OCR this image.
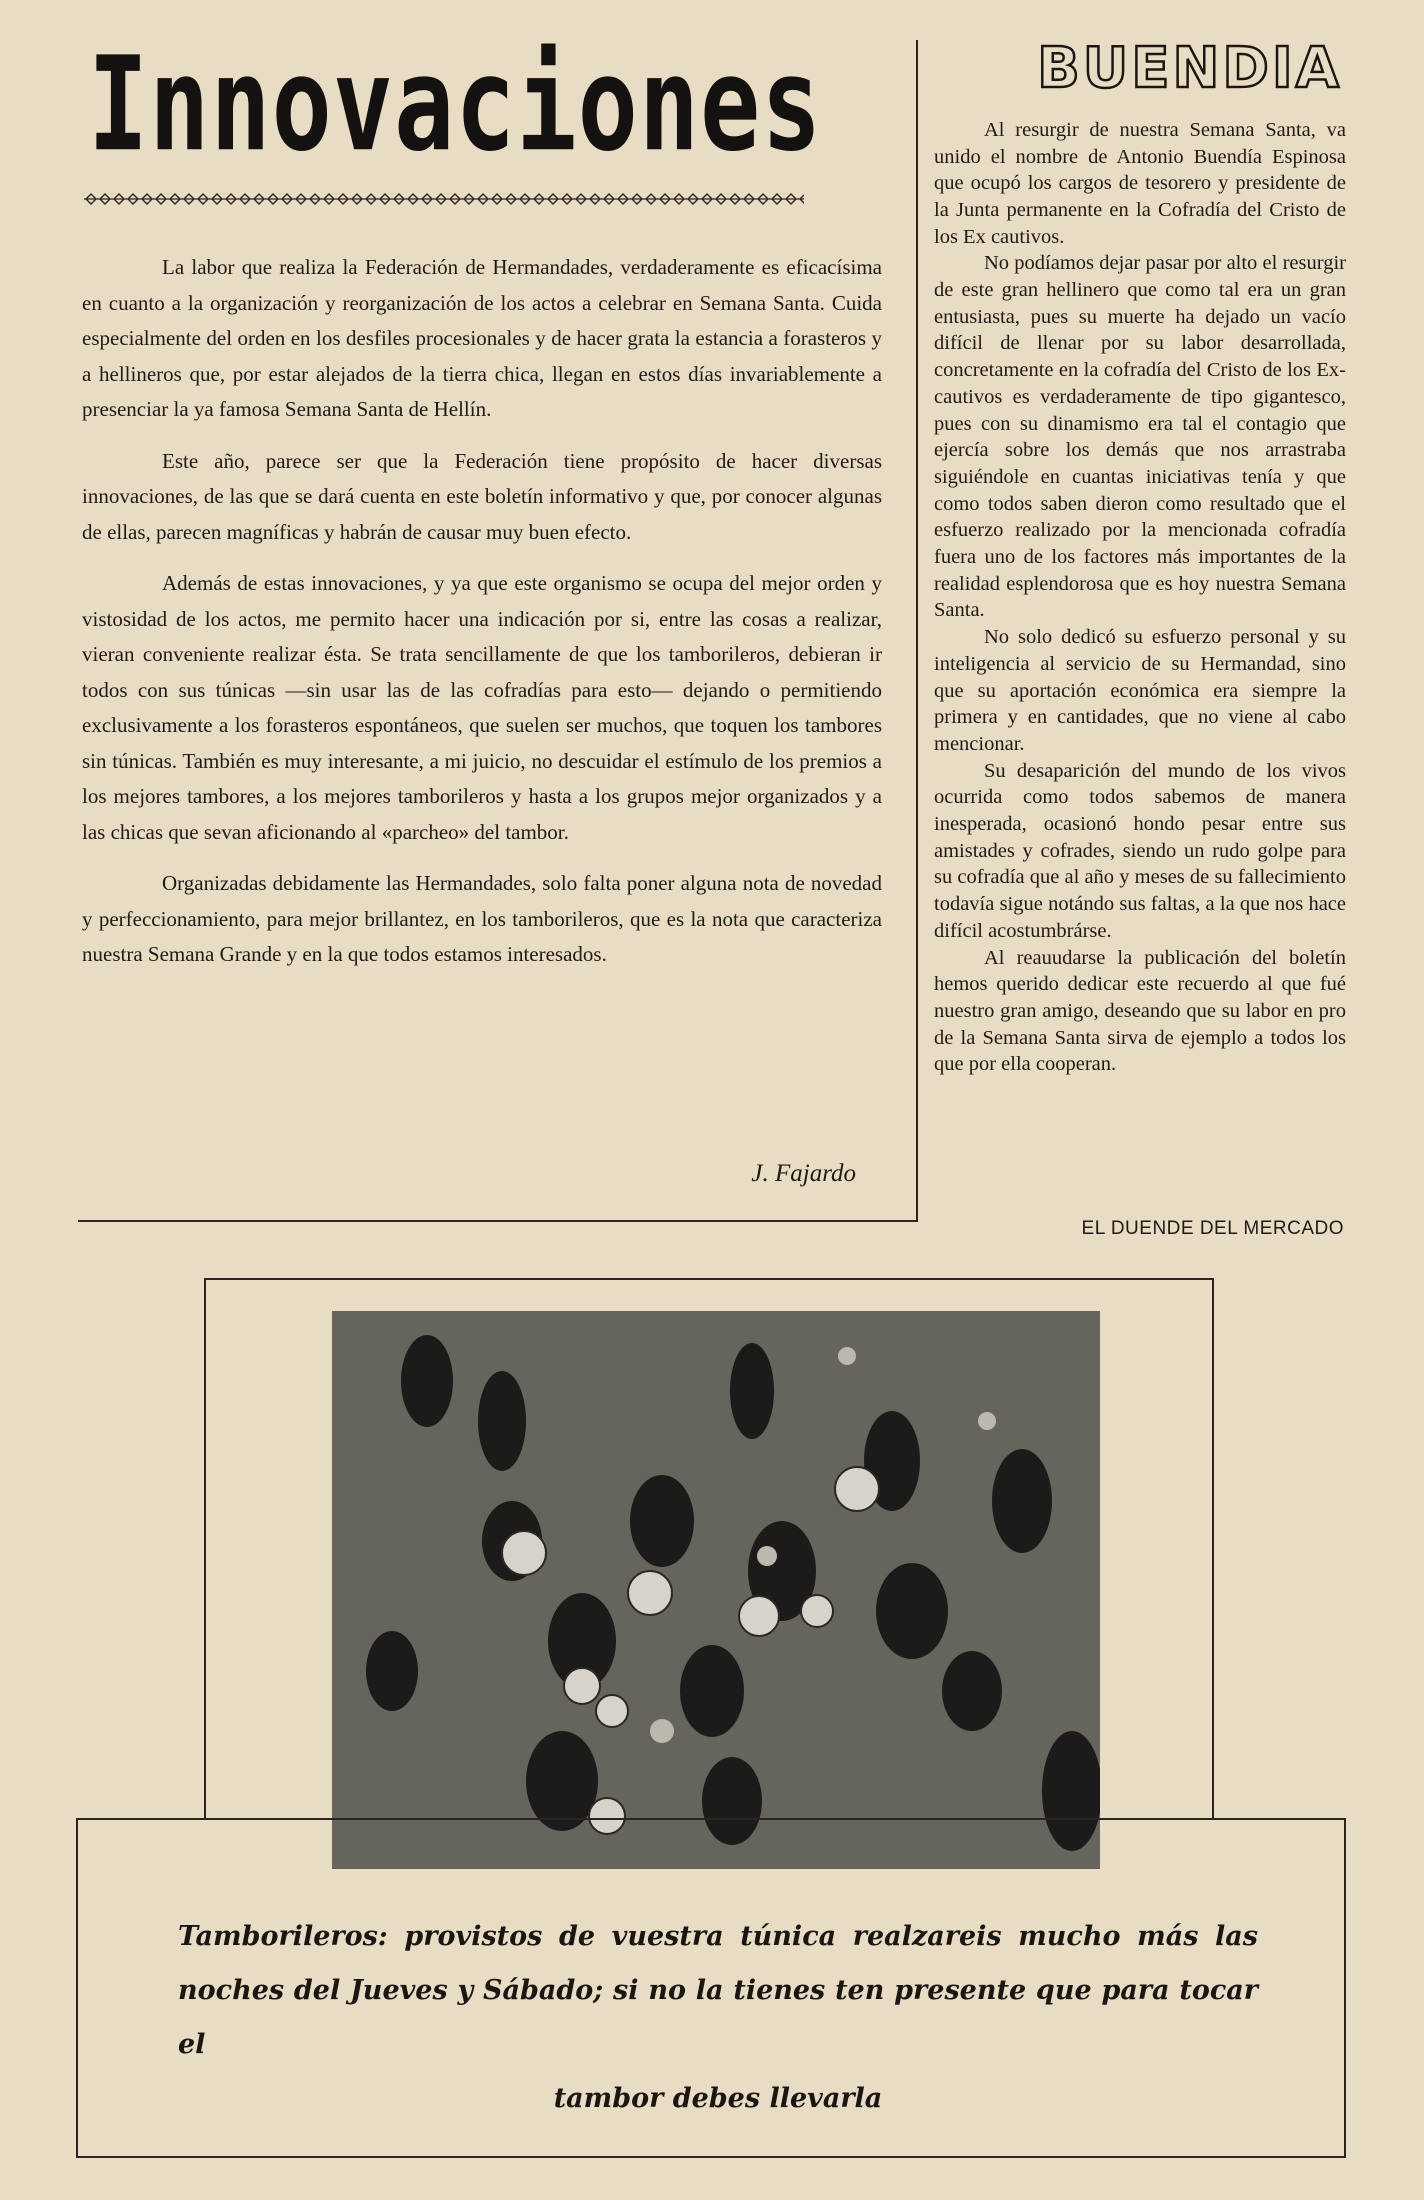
Innovaciones

La labor que realiza la Federación de Hermandades, verdaderamente es eficacísima en cuanto a la organización y reorganización de los actos a celebrar en Semana Santa. Cuida especialmente del orden en los desfiles procesionales y de hacer grata la estancia a forasteros y a hellineros que, por estar alejados de la tierra chica, llegan en estos días invariablemente a presenciar la ya famosa Semana Santa de Hellín.

Este año, parece ser que la Federación tiene propósito de hacer diversas innovaciones, de las que se dará cuenta en este boletín informativo y que, por conocer algunas de ellas, parecen magníficas y habrán de causar muy buen efecto.

Además de estas innovaciones, y ya que este organismo se ocupa del mejor orden y vistosidad de los actos, me permito hacer una indicación por si, entre las cosas a realizar, vieran conveniente realizar ésta. Se trata sencillamente de que los tamborileros, debieran ir todos con sus túnicas —sin usar las de las cofradías para esto— dejando o permitiendo exclusivamente a los forasteros espontáneos, que suelen ser muchos, que toquen los tambores sin túnicas. También es muy interesante, a mi juicio, no descuidar el estímulo de los premios a los mejores tambores, a los mejores tamborileros y hasta a los grupos mejor organizados y a las chicas que sevan aficionando al «parcheo» del tambor.

Organizadas debidamente las Hermandades, solo falta poner alguna nota de novedad y perfeccionamiento, para mejor brillantez, en los tamborileros, que es la nota que caracteriza nuestra Semana Grande y en la que todos estamos interesados.

J. Fajardo
BUENDIA

Al resurgir de nuestra Semana Santa, va unido el nombre de Antonio Buendía Espinosa que ocupó los cargos de tesorero y presidente de la Junta permanente en la Cofradía del Cristo de los Ex cautivos.

No podíamos dejar pasar por alto el resurgir de este gran hellinero que como tal era un gran entusiasta, pues su muerte ha dejado un vacío difícil de llenar por su labor desarrollada, concretamente en la cofradía del Cristo de los Ex-cautivos es verdaderamente de tipo gigantesco, pues con su dinamismo era tal el contagio que ejercía sobre los demás que nos arrastraba siguiéndole en cuantas iniciativas tenía y que como todos saben dieron como resultado que el esfuerzo realizado por la mencionada cofradía fuera uno de los factores más importantes de la realidad esplendorosa que es hoy nuestra Semana Santa.

No solo dedicó su esfuerzo personal y su inteligencia al servicio de su Hermandad, sino que su aportación económica era siempre la primera y en cantidades, que no viene al cabo mencionar.

Su desaparición del mundo de los vivos ocurrida como todos sabemos de manera inesperada, ocasionó hondo pesar entre sus amistades y cofrades, siendo un rudo golpe para su cofradía que al año y meses de su fallecimiento todavía sigue notándo sus faltas, a la que nos hace difícil acostumbrárse.

Al reauudarse la publicación del boletín hemos querido dedicar este recuerdo al que fué nuestro gran amigo, deseando que su labor en pro de la Semana Santa sirva de ejemplo a todos los que por ella cooperan.

EL DUENDE DEL MERCADO
Tamborileros: provistos de vuestra túnica realzareis mucho más las noches del Jueves y Sábado; si no la tienes ten presente que para tocar el
tambor debes llevarla
